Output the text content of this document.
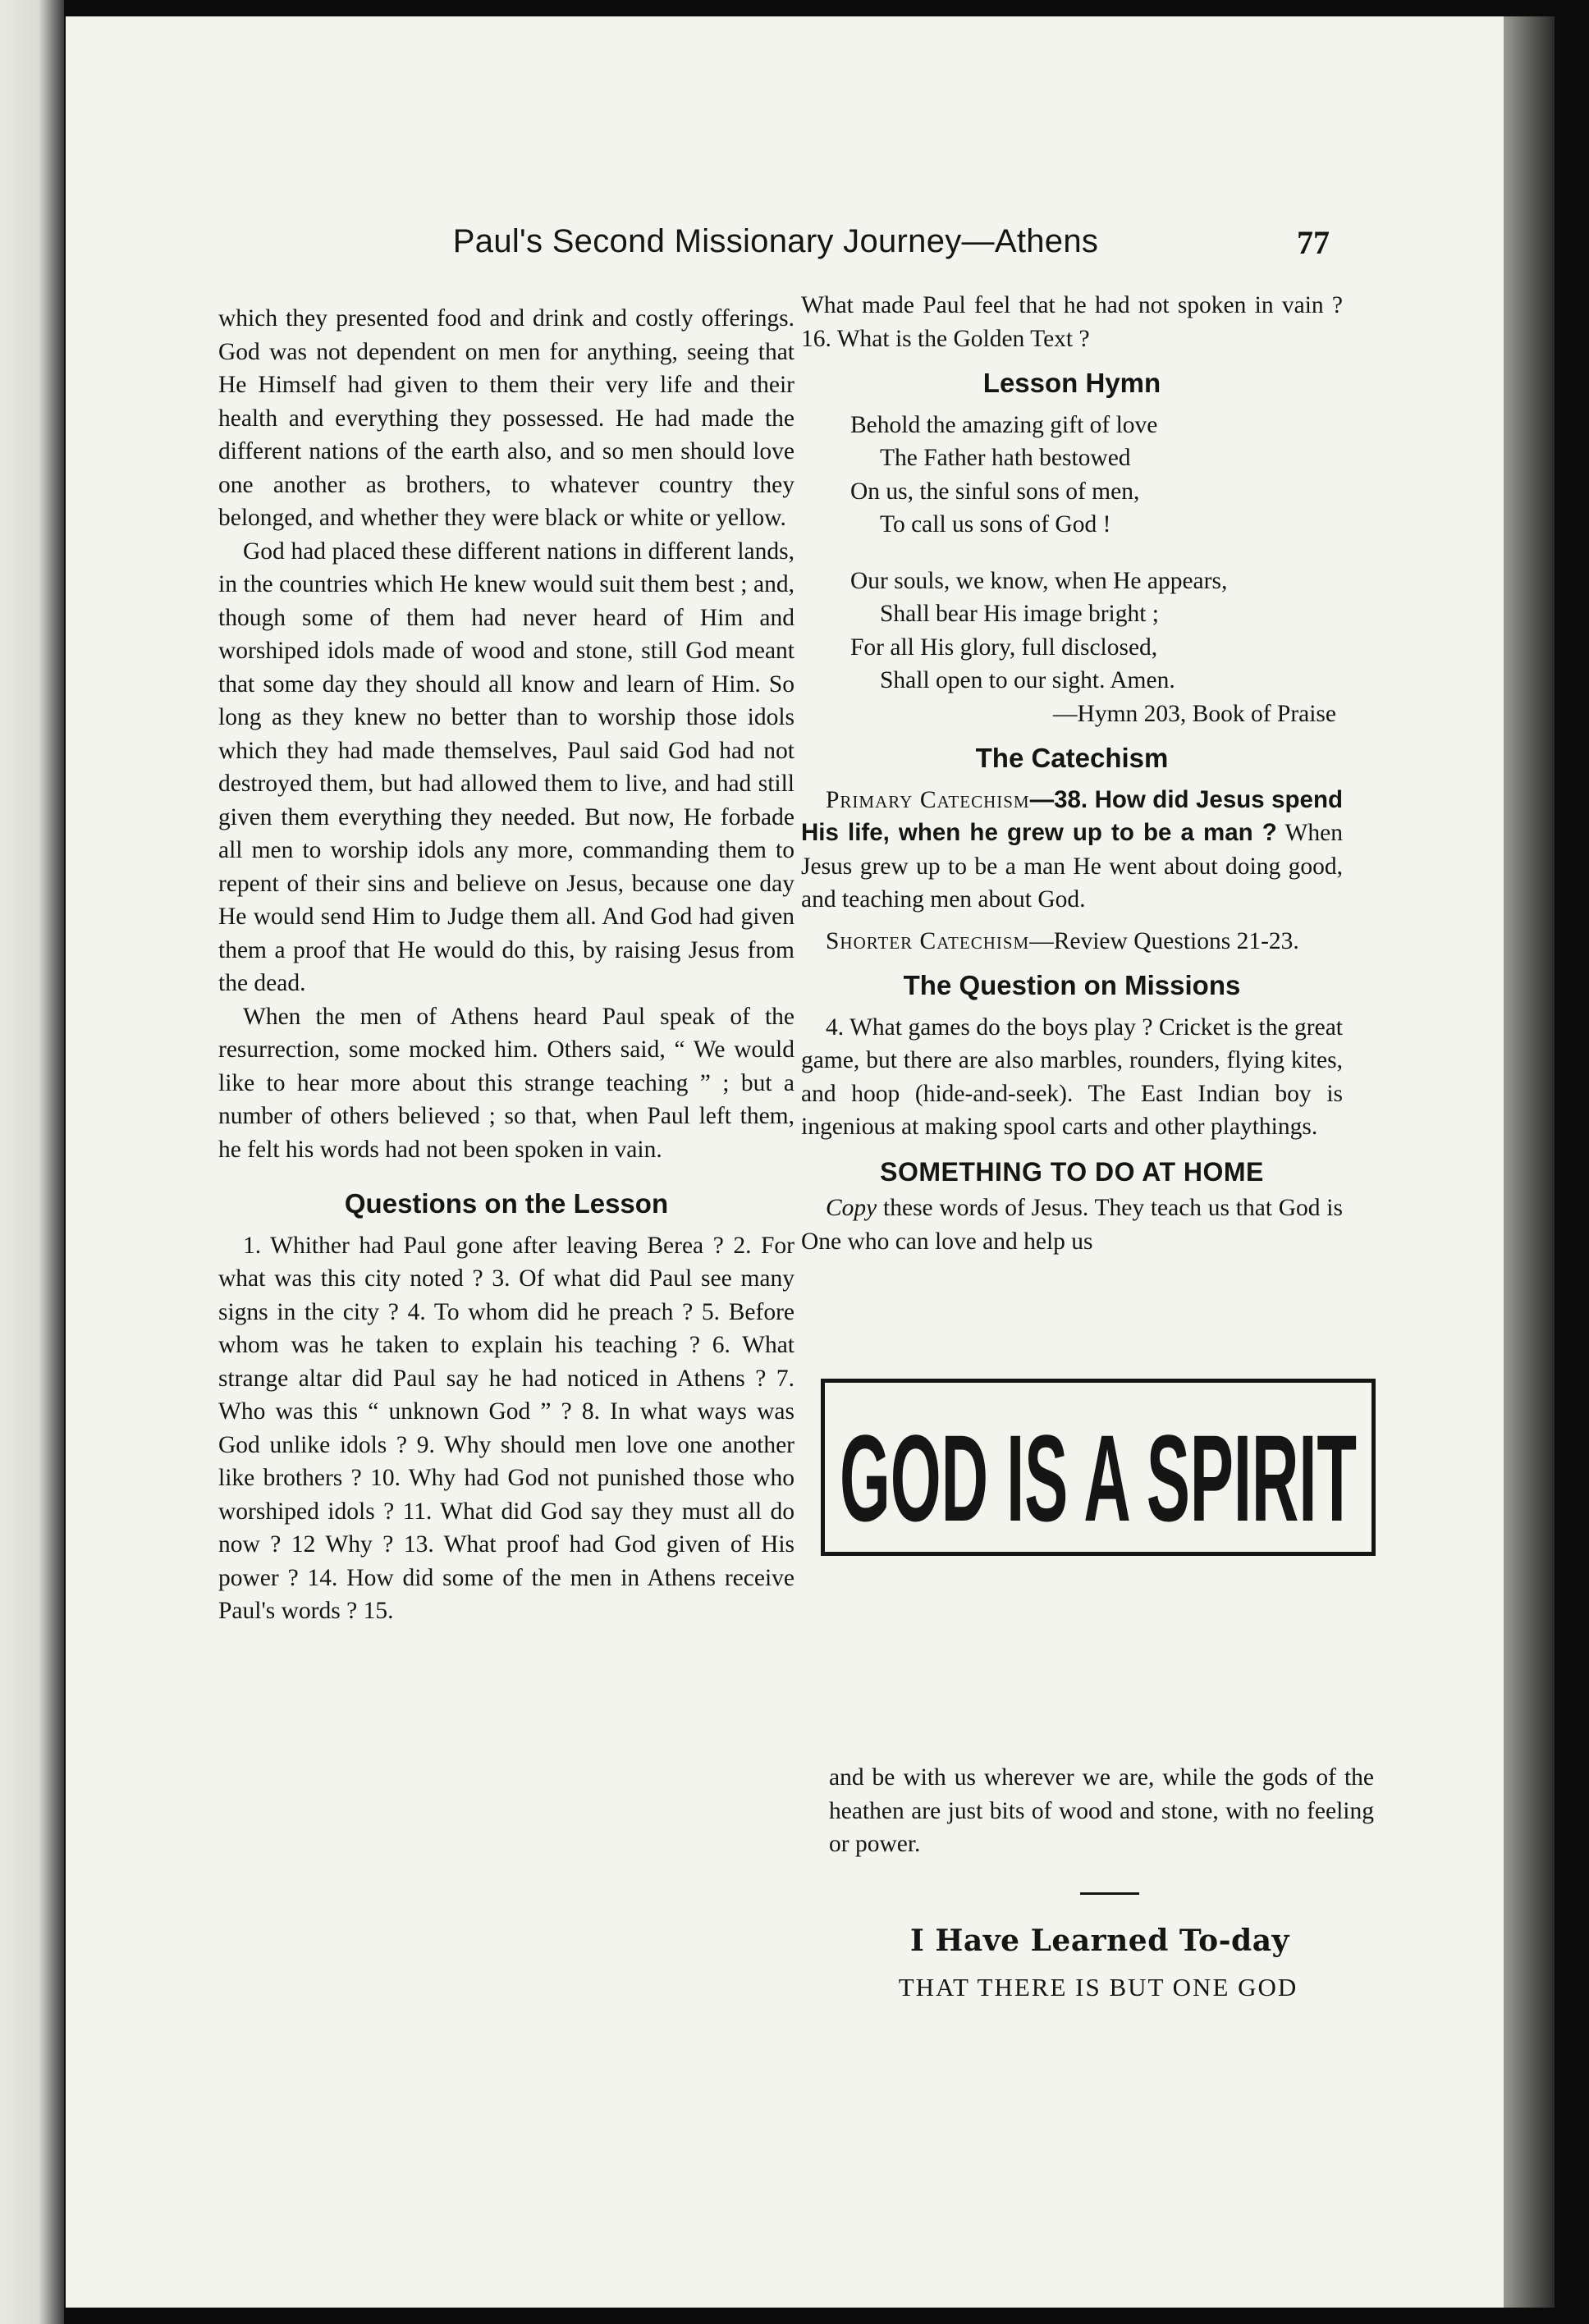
Paul's Second Missionary Journey—Athens	77

which they presented food and drink and costly offerings. God was not dependent on men for anything, seeing that He Himself had given to them their very life and their health and everything they possessed. He had made the different nations of the earth also, and so men should love one another as brothers, to whatever country they belonged, and whether they were black or white or yellow.

God had placed these different nations in different lands, in the countries which He knew would suit them best ; and, though some of them had never heard of Him and worshiped idols made of wood and stone, still God meant that some day they should all know and learn of Him. So long as they knew no better than to worship those idols which they had made themselves, Paul said God had not destroyed them, but had allowed them to live, and had still given them everything they needed. But now, He forbade all men to worship idols any more, commanding them to repent of their sins and believe on Jesus, because one day He would send Him to Judge them all. And God had given them a proof that He would do this, by raising Jesus from the dead.

When the men of Athens heard Paul speak of the resurrection, some mocked him. Others said, “ We would like to hear more about this strange teaching ” ; but a number of others believed ; so that, when Paul left them, he felt his words had not been spoken in vain.

Questions on the Lesson

1. Whither had Paul gone after leaving Berea ? 2. For what was this city noted ? 3. Of what did Paul see many signs in the city ? 4. To whom did he preach ? 5. Before whom was he taken to explain his teaching ? 6. What strange altar did Paul say he had noticed in Athens ? 7. Who was this “ unknown God ” ? 8. In what ways was God unlike idols ? 9. Why should men love one another like brothers ? 10. Why had God not punished those who worshiped idols ? 11. What did God say they must all do now ? 12 Why ? 13. What proof had God given of His power ? 14. How did some of the men in Athens receive Paul's words ? 15.

What made Paul feel that he had not spoken in vain ? 16. What is the Golden Text ?

Lesson Hymn
Behold the amazing gift of love
The Father hath bestowed
On us, the sinful sons of men,
To call us sons of God !
Our souls, we know, when He appears,
Shall bear His image bright ;
For all His glory, full disclosed,
Shall open to our sight. Amen.
—Hymn 203, Book of Praise
The Catechism

Primary Catechism—38. How did Jesus spend His life, when he grew up to be a man ? When Jesus grew up to be a man He went about doing good, and teaching men about God.

Shorter Catechism—Review Questions 21-23.

The Question on Missions

4. What games do the boys play ? Cricket is the great game, but there are also marbles, rounders, flying kites, and hoop (hide-and-seek). The East Indian boy is ingenious at making spool carts and other playthings.

SOMETHING TO DO AT HOME

Copy these words of Jesus. They teach us that God is One who can love and help us

GOD IS A SPIRIT

and be with us wherever we are, while the gods of the heathen are just bits of wood and stone, with no feeling or power.

I Have Learned To-day
THAT THERE IS BUT ONE GOD
